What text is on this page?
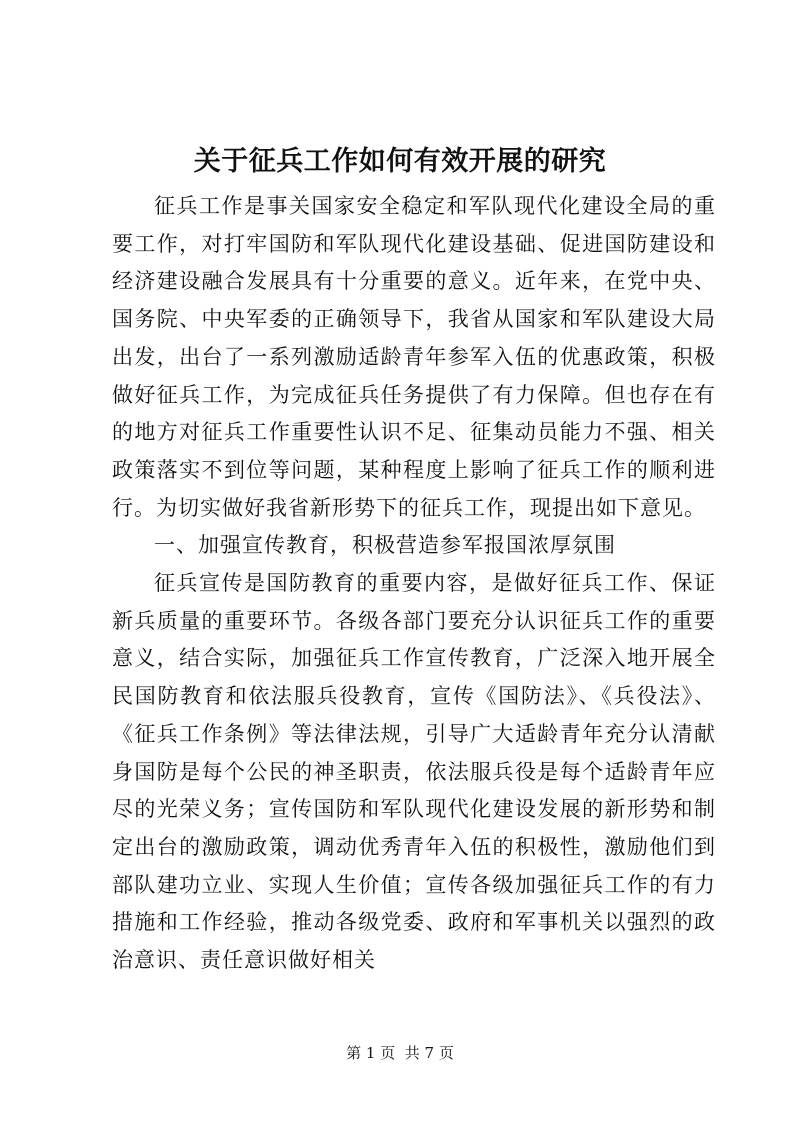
关于征兵工作如何有效开展的研究

征兵工作是事关国家安全稳定和军队现代化建设全局的重要工作，对打牢国防和军队现代化建设基础、促进国防建设和经济建设融合发展具有十分重要的意义。近年来，在党中央、国务院、中央军委的正确领导下，我省从国家和军队建设大局出发，出台了一系列激励适龄青年参军入伍的优惠政策，积极做好征兵工作，为完成征兵任务提供了有力保障。但也存在有的地方对征兵工作重要性认识不足、征集动员能力不强、相关政策落实不到位等问题，某种程度上影响了征兵工作的顺利进行。为切实做好我省新形势下的征兵工作，现提出如下意见。

一、加强宣传教育，积极营造参军报国浓厚氛围

征兵宣传是国防教育的重要内容，是做好征兵工作、保证新兵质量的重要环节。各级各部门要充分认识征兵工作的重要意义，结合实际，加强征兵工作宣传教育，广泛深入地开展全民国防教育和依法服兵役教育，宣传《国防法》、《兵役法》、《征兵工作条例》等法律法规，引导广大适龄青年充分认清献身国防是每个公民的神圣职责，依法服兵役是每个适龄青年应尽的光荣义务；宣传国防和军队现代化建设发展的新形势和制定出台的激励政策，调动优秀青年入伍的积极性，激励他们到部队建功立业、实现人生价值；宣传各级加强征兵工作的有力措施和工作经验，推动各级党委、政府和军事机关以强烈的政治意识、责任意识做好相关

第 1 页  共 7 页
